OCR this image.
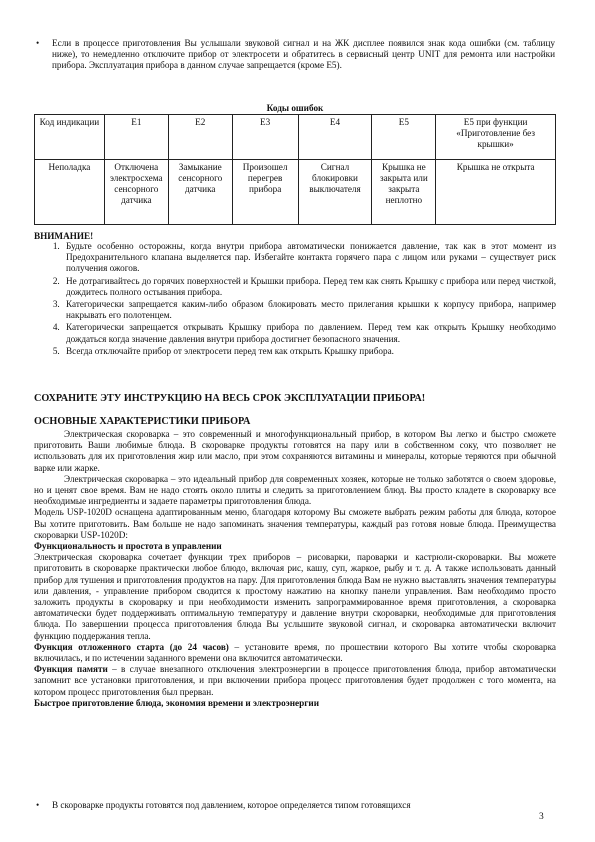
• Если в процессе приготовления Вы услышали звуковой сигнал и на ЖК дисплее появился знак кода ошибки (см. таблицу ниже), то немедленно отключите прибор от электросети и обратитесь в сервисный центр UNIT для ремонта или настройки прибора. Эксплуатация прибора в данном случае запрещается (кроме E5).
Коды ошибок
Код индикации	E1	E2	E3	E4	E5	E5 при функции «Приготовление без крышки»
Неполадка	Отключена электросхема сенсорного датчика	Замыкание сенсорного датчика	Произошел перегрев прибора	Сигнал блокировки выключателя	Крышка не закрыта или закрыта неплотно	Крышка не открыта
ВНИМАНИЕ!
1. Будьте особенно осторожны, когда внутри прибора автоматически понижается давление, так как в этот момент из Предохранительного клапана выделяется пар. Избегайте контакта горячего пара с лицом или руками – существует риск получения ожогов.
2. Не дотрагивайтесь до горячих поверхностей и Крышки прибора. Перед тем как снять Крышку с прибора или перед чисткой, дождитесь полного остывания прибора.
3. Категорически запрещается каким-либо образом блокировать место прилегания крышки к корпусу прибора, например накрывать его полотенцем.
4. Категорически запрещается открывать Крышку прибора по давлением. Перед тем как открыть Крышку необходимо дождаться когда значение давления внутри прибора достигнет безопасного значения.
5. Всегда отключайте прибор от электросети перед тем как открыть Крышку прибора.
СОХРАНИТЕ ЭТУ ИНСТРУКЦИЮ НА ВЕСЬ СРОК ЭКСПЛУАТАЦИИ ПРИБОРА!
ОСНОВНЫЕ ХАРАКТЕРИСТИКИ ПРИБОРА
Электрическая скороварка – это современный и многофункциональный прибор, в котором Вы легко и быстро сможете приготовить Ваши любимые блюда. В скороварке продукты готовятся на пару или в собственном соку, что позволяет не использовать для их приготовления жир или масло, при этом сохраняются витамины и минералы, которые теряются при обычной варке или жарке.
Электрическая скороварка – это идеальный прибор для современных хозяек, которые не только заботятся о своем здоровье, но и ценят свое время. Вам не надо стоять около плиты и следить за приготовлением блюд. Вы просто кладете в скороварку все необходимые ингредиенты и задаете параметры приготовления блюда.
Модель USP-1020D оснащена адаптированным меню, благодаря которому Вы сможете выбрать режим работы для блюда, которое Вы хотите приготовить. Вам больше не надо запоминать значения температуры, каждый раз готовя новые блюда. Преимущества скороварки USP-1020D:
Функциональность и простота в управлении
Электрическая скороварка сочетает функции трех приборов – рисоварки, пароварки и кастрюли-скороварки. Вы можете приготовить в скороварке практически любое блюдо, включая рис, кашу, суп, жаркое, рыбу и т. д. А также использовать данный прибор для тушения и приготовления продуктов на пару. Для приготовления блюда Вам не нужно выставлять значения температуры или давления, - управление прибором сводится к простому нажатию на кнопку панели управления. Вам необходимо просто заложить продукты в скороварку и при необходимости изменить запрограммированное время приготовления, а скороварка автоматически будет поддерживать оптимальную температуру и давление внутри скороварки, необходимые для приготовления блюда. По завершении процесса приготовления блюда Вы услышите звуковой сигнал, и скороварка автоматически включит функцию поддержания тепла.
Функция отложенного старта (до 24 часов) – установите время, по прошествии которого Вы хотите чтобы скороварка включилась, и по истечении заданного времени она включится автоматически.
Функция памяти – в случае внезапного отключения электроэнергии в процессе приготовления блюда, прибор автоматически запомнит все установки приготовления, и при включении прибора процесс приготовления будет продолжен с того момента, на котором процесс приготовления был прерван.
Быстрое приготовление блюда, экономия времени и электроэнергии
• В скороварке продукты готовятся под давлением, которое определяется типом готовящихся
3
